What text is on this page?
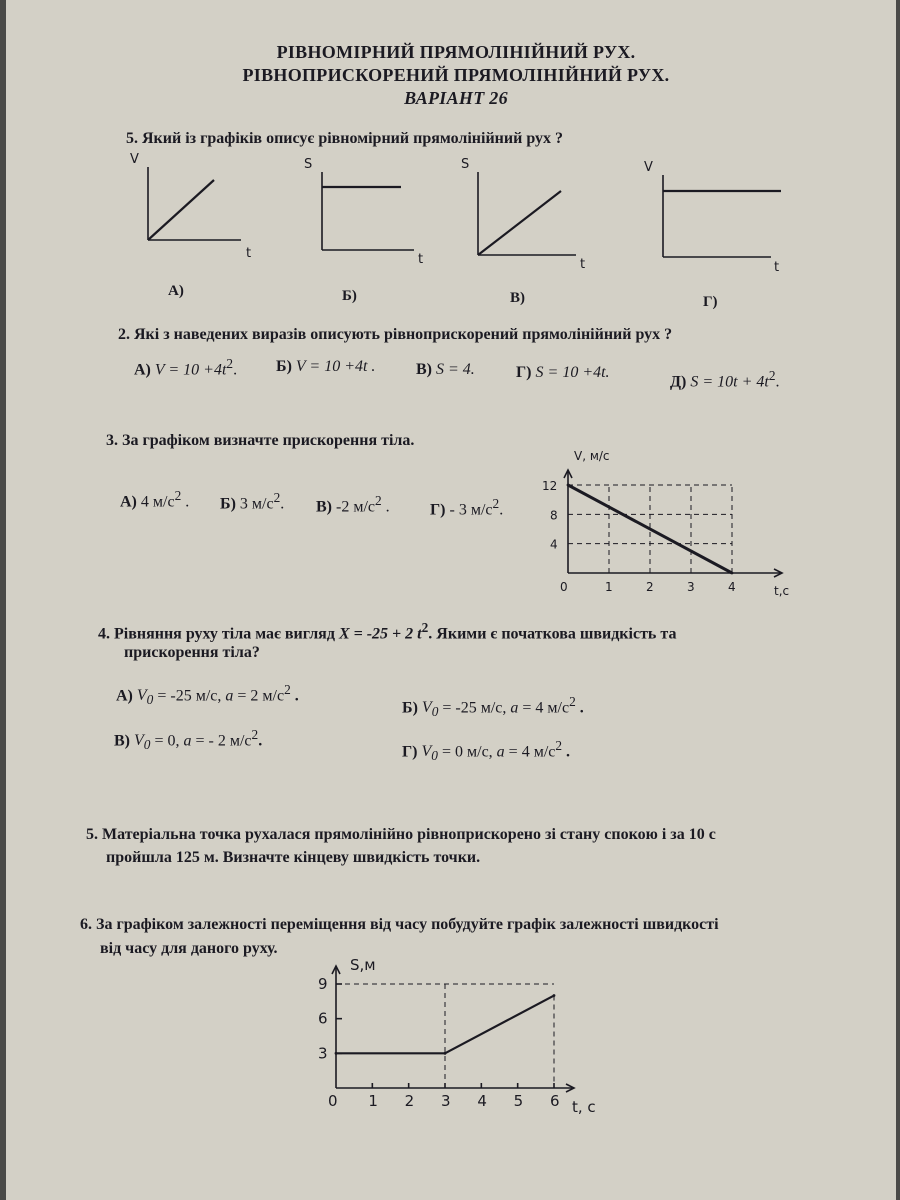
РІВНОМІРНИЙ ПРЯМОЛІНІЙНИЙ РУХ.
РІВНОПРИСКОРЕНИЙ ПРЯМОЛІНІЙНИЙ РУХ.
ВАРІАНТ 26
5. Який із графіків описує рівномірний прямолінійний рух ?
V
t
S
t
S
t
V
t
А)	Б)	В)	Г)
2. Які з наведених виразів описують рівноприскорений прямолінійний рух ?
А) $V = 10 +4t^2$. Б) V = 10 +4t .	В) S = 4.	Г) S = 10 +4t.
Д) $S = 10t + 4t^2$.
3. За графіком визначте прискорення тіла.
А) 4 $м/с^2$ . Б) 3 $м/с^2$. В) -2 $м/с^2$ .	Г) - 3 $м/с^2$.
0	1	2	3	4
4
8
12
V, м/с
t,c
4. Рівняння руху тіла має вигляд X = -25 + 2 $t^2$. Якими є початкова швидкість та
прискорення тіла?
А) $V_0 = -25$ м/с, a = 2 $м/с^2$ .
Б) $V_0 = -25$ м/с, a = 4 $м/с^2$ .
В) $V_0 = 0$, a = - 2 $м/с^2$.
Г) $V_0 = 0$ м/с, a = 4 $м/с^2$ .
5. Матеріальна точка рухалася прямолінійно рівноприскорено зі стану спокою і за 10 с
пройшла 125 м. Визначте кінцеву швидкість точки.
6. За графіком залежності переміщення від часу побудуйте графік залежності швидкості
від часу для даного руху.
0 1 2 3 4 5 6
3
6
9
S,м
t, с
